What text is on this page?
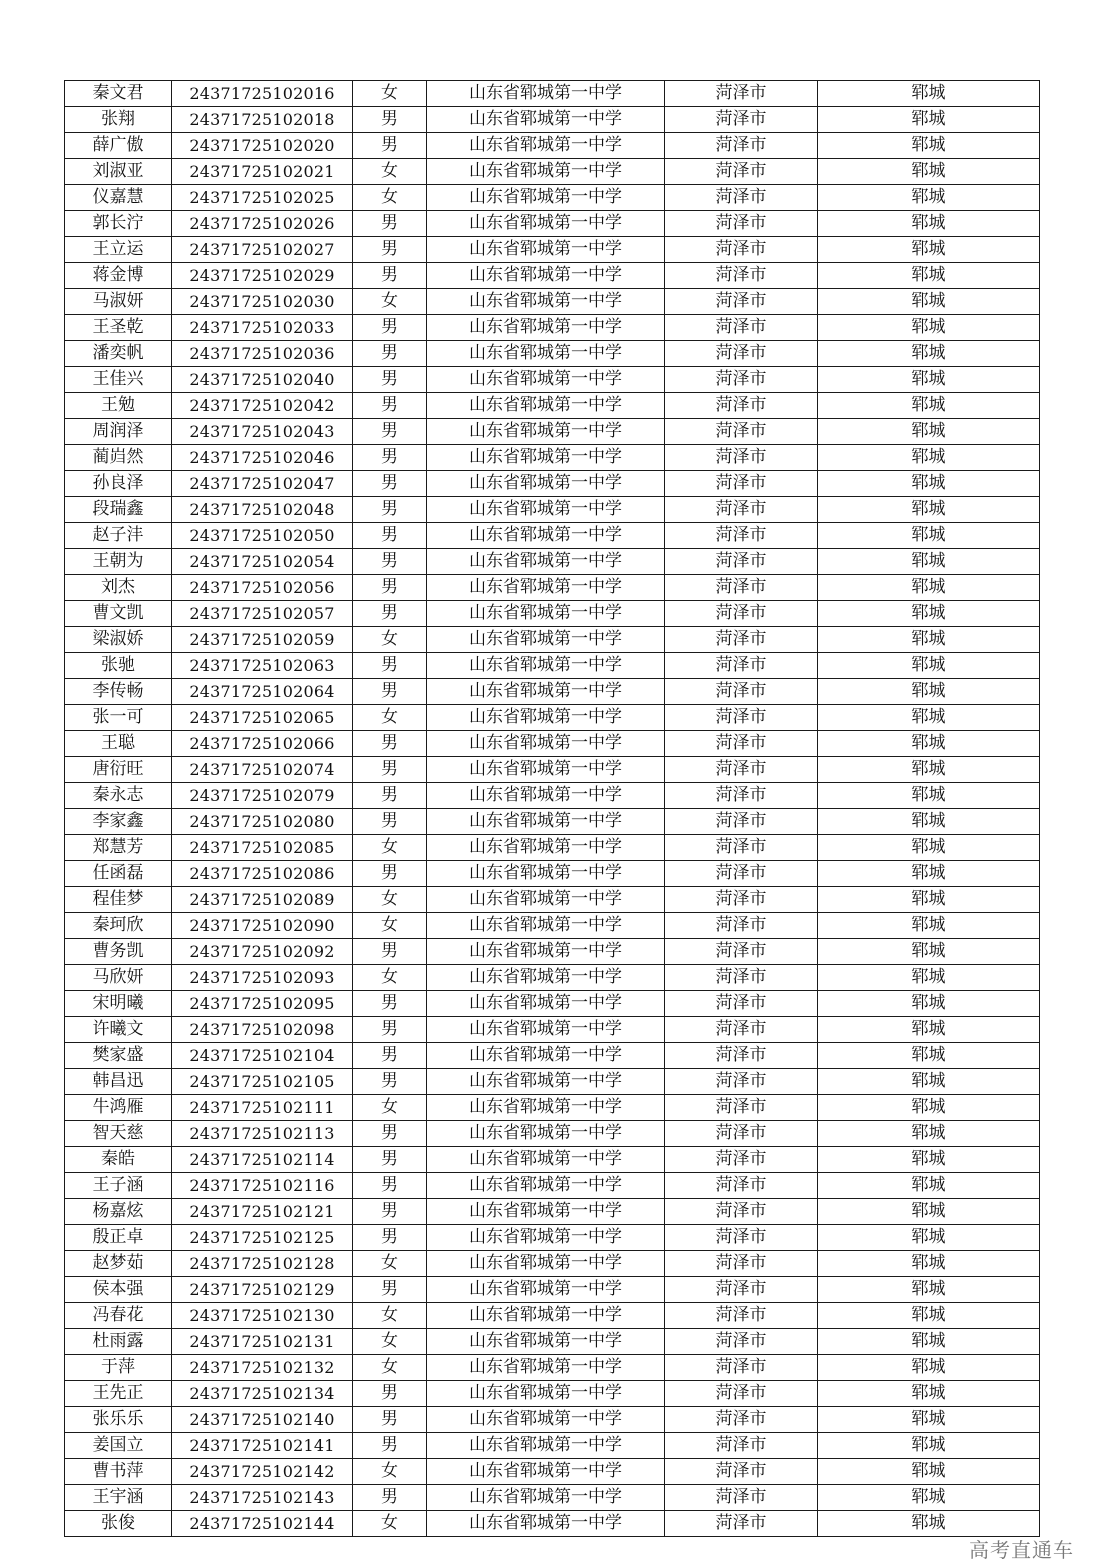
秦文君	24371725102016	女	山东省郓城第一中学	菏泽市	郓城
张翔	24371725102018	男	山东省郓城第一中学	菏泽市	郓城
薛广傲	24371725102020	男	山东省郓城第一中学	菏泽市	郓城
刘淑亚	24371725102021	女	山东省郓城第一中学	菏泽市	郓城
仪嘉慧	24371725102025	女	山东省郓城第一中学	菏泽市	郓城
郭长泞	24371725102026	男	山东省郓城第一中学	菏泽市	郓城
王立运	24371725102027	男	山东省郓城第一中学	菏泽市	郓城
蒋金博	24371725102029	男	山东省郓城第一中学	菏泽市	郓城
马淑妍	24371725102030	女	山东省郓城第一中学	菏泽市	郓城
王圣乾	24371725102033	男	山东省郓城第一中学	菏泽市	郓城
潘奕帆	24371725102036	男	山东省郓城第一中学	菏泽市	郓城
王佳兴	24371725102040	男	山东省郓城第一中学	菏泽市	郓城
王勉	24371725102042	男	山东省郓城第一中学	菏泽市	郓城
周润泽	24371725102043	男	山东省郓城第一中学	菏泽市	郓城
蔺岿然	24371725102046	男	山东省郓城第一中学	菏泽市	郓城
孙良泽	24371725102047	男	山东省郓城第一中学	菏泽市	郓城
段瑞鑫	24371725102048	男	山东省郓城第一中学	菏泽市	郓城
赵子沣	24371725102050	男	山东省郓城第一中学	菏泽市	郓城
王朝为	24371725102054	男	山东省郓城第一中学	菏泽市	郓城
刘杰	24371725102056	男	山东省郓城第一中学	菏泽市	郓城
曹文凯	24371725102057	男	山东省郓城第一中学	菏泽市	郓城
梁淑娇	24371725102059	女	山东省郓城第一中学	菏泽市	郓城
张驰	24371725102063	男	山东省郓城第一中学	菏泽市	郓城
李传畅	24371725102064	男	山东省郓城第一中学	菏泽市	郓城
张一可	24371725102065	女	山东省郓城第一中学	菏泽市	郓城
王聪	24371725102066	男	山东省郓城第一中学	菏泽市	郓城
唐衍旺	24371725102074	男	山东省郓城第一中学	菏泽市	郓城
秦永志	24371725102079	男	山东省郓城第一中学	菏泽市	郓城
李家鑫	24371725102080	男	山东省郓城第一中学	菏泽市	郓城
郑慧芳	24371725102085	女	山东省郓城第一中学	菏泽市	郓城
任函磊	24371725102086	男	山东省郓城第一中学	菏泽市	郓城
程佳梦	24371725102089	女	山东省郓城第一中学	菏泽市	郓城
秦珂欣	24371725102090	女	山东省郓城第一中学	菏泽市	郓城
曹务凯	24371725102092	男	山东省郓城第一中学	菏泽市	郓城
马欣妍	24371725102093	女	山东省郓城第一中学	菏泽市	郓城
宋明曦	24371725102095	男	山东省郓城第一中学	菏泽市	郓城
许曦文	24371725102098	男	山东省郓城第一中学	菏泽市	郓城
樊家盛	24371725102104	男	山东省郓城第一中学	菏泽市	郓城
韩昌迅	24371725102105	男	山东省郓城第一中学	菏泽市	郓城
牛鸿雁	24371725102111	女	山东省郓城第一中学	菏泽市	郓城
智天慈	24371725102113	男	山东省郓城第一中学	菏泽市	郓城
秦皓	24371725102114	男	山东省郓城第一中学	菏泽市	郓城
王子涵	24371725102116	男	山东省郓城第一中学	菏泽市	郓城
杨嘉炫	24371725102121	男	山东省郓城第一中学	菏泽市	郓城
殷正卓	24371725102125	男	山东省郓城第一中学	菏泽市	郓城
赵梦茹	24371725102128	女	山东省郓城第一中学	菏泽市	郓城
侯本强	24371725102129	男	山东省郓城第一中学	菏泽市	郓城
冯春花	24371725102130	女	山东省郓城第一中学	菏泽市	郓城
杜雨露	24371725102131	女	山东省郓城第一中学	菏泽市	郓城
于萍	24371725102132	女	山东省郓城第一中学	菏泽市	郓城
王先正	24371725102134	男	山东省郓城第一中学	菏泽市	郓城
张乐乐	24371725102140	男	山东省郓城第一中学	菏泽市	郓城
姜国立	24371725102141	男	山东省郓城第一中学	菏泽市	郓城
曹书萍	24371725102142	女	山东省郓城第一中学	菏泽市	郓城
王宇涵	24371725102143	男	山东省郓城第一中学	菏泽市	郓城
张俊	24371725102144	女	山东省郓城第一中学	菏泽市	郓城
高考直通车
